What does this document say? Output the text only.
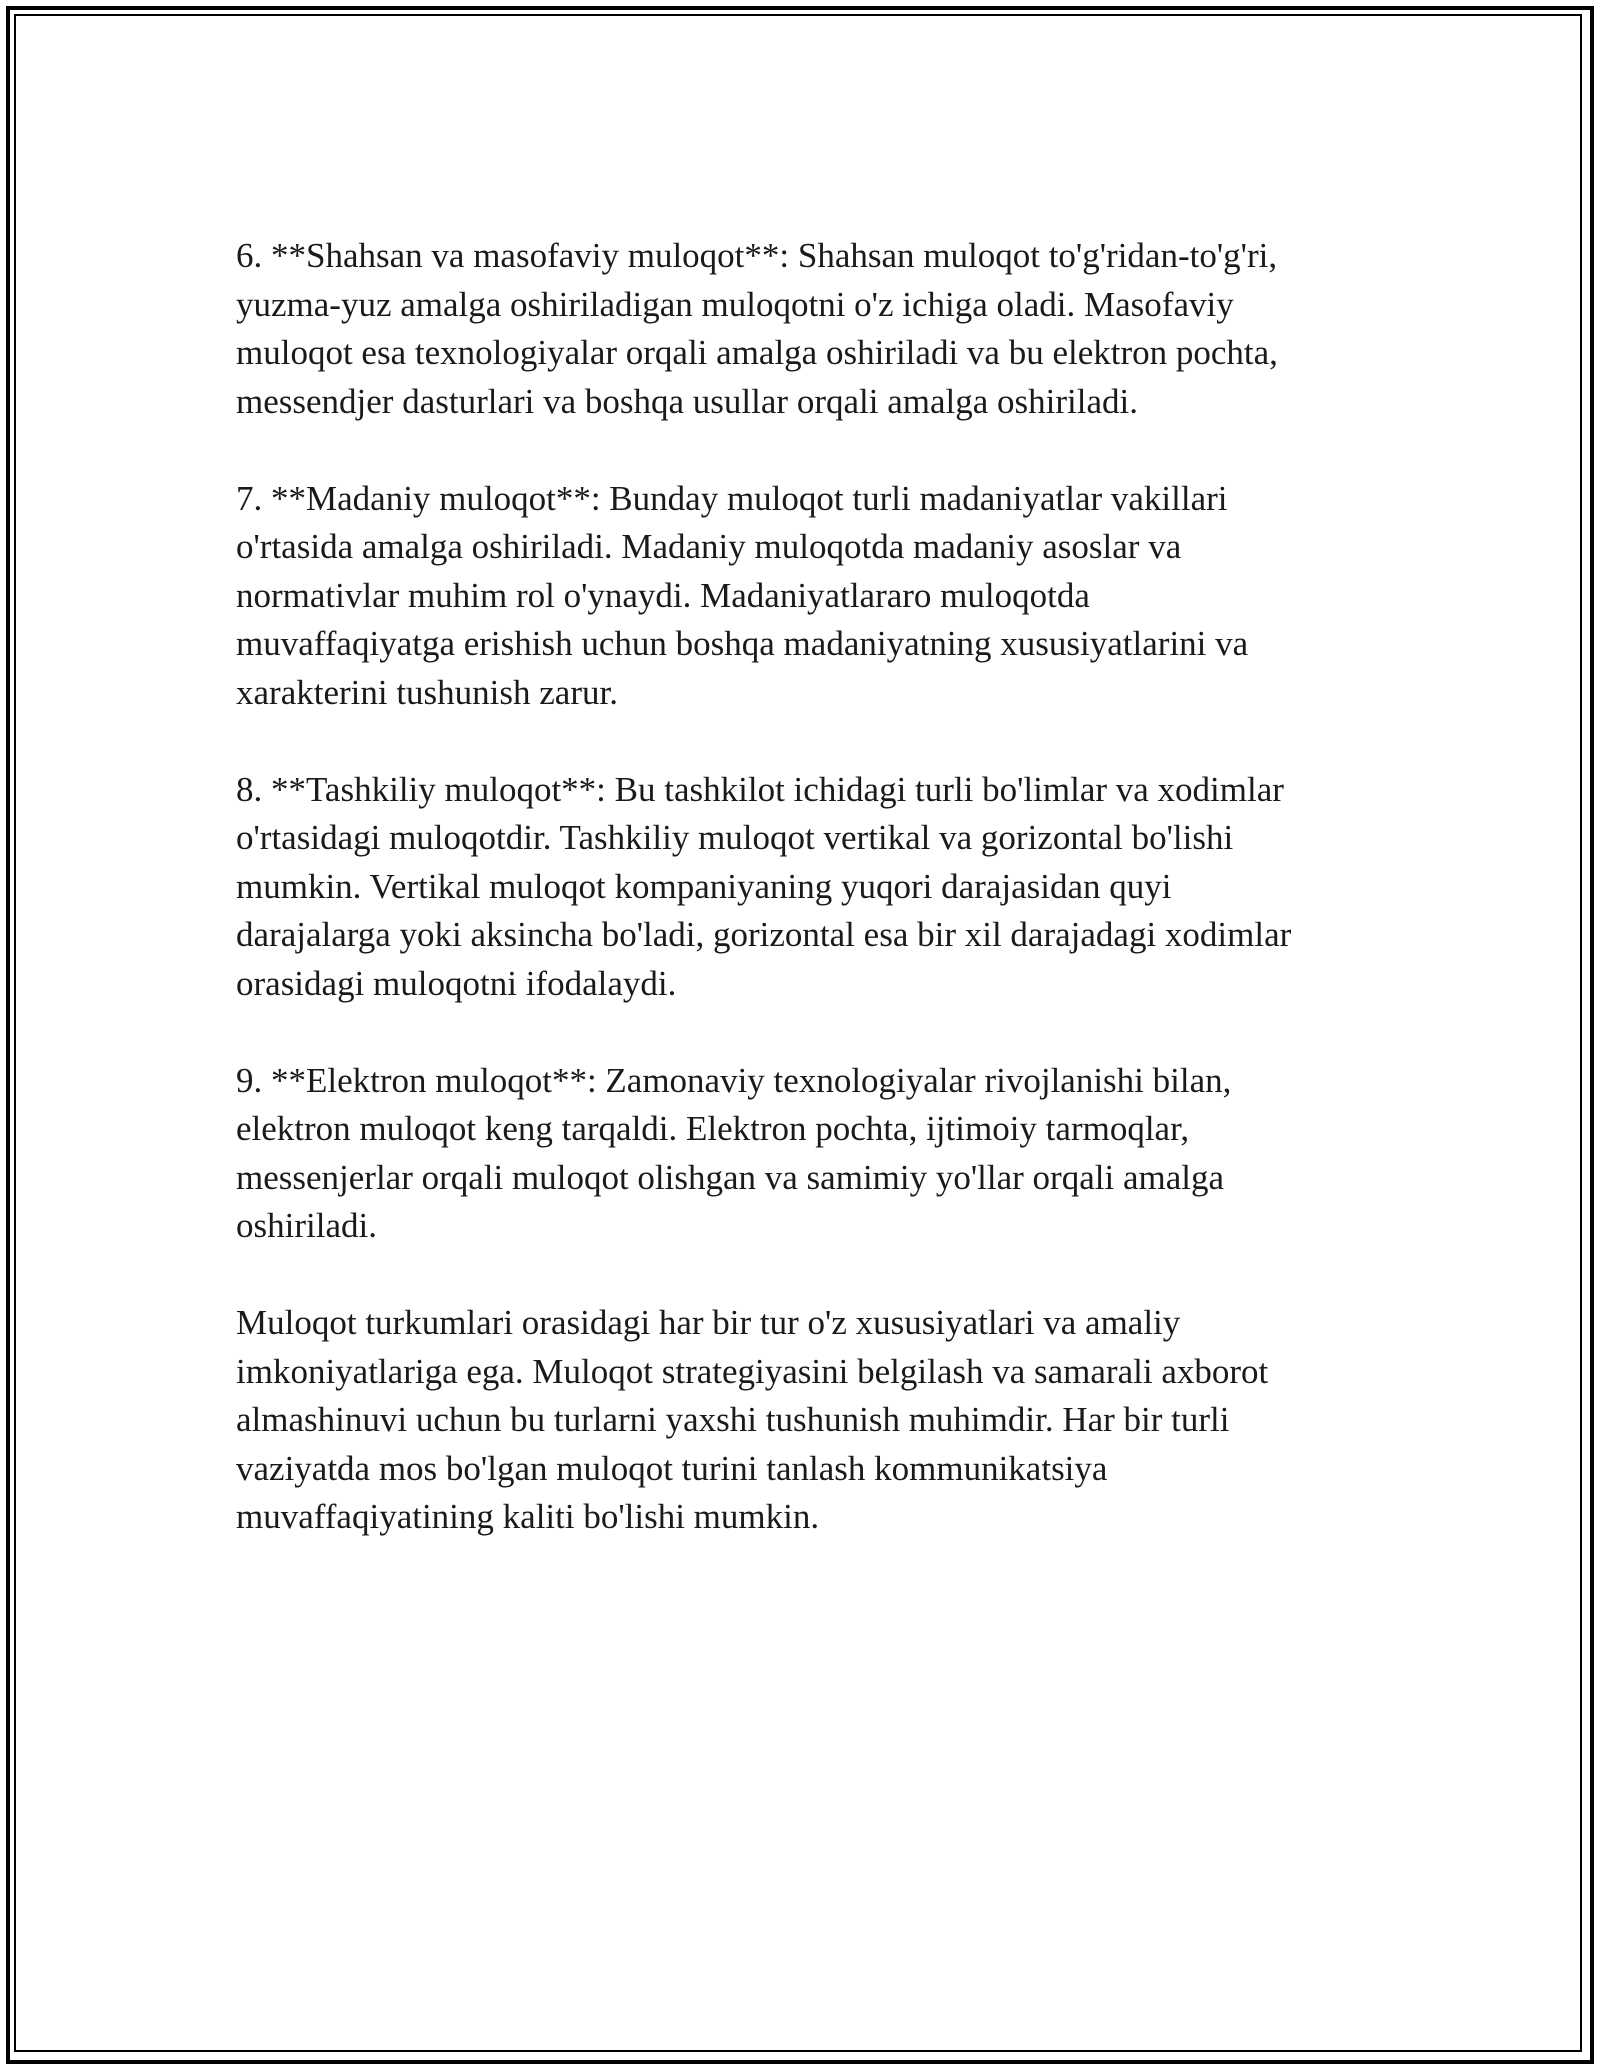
6. **Shahsan va masofaviy muloqot**: Shahsan muloqot to'g'ridan-to'g'ri,
yuzma-yuz amalga oshiriladigan muloqotni o'z ichiga oladi. Masofaviy
muloqot esa texnologiyalar orqali amalga oshiriladi va bu elektron pochta,
messendjer dasturlari va boshqa usullar orqali amalga oshiriladi.

7. **Madaniy muloqot**: Bunday muloqot turli madaniyatlar vakillari
o'rtasida amalga oshiriladi. Madaniy muloqotda madaniy asoslar va
normativlar muhim rol o'ynaydi. Madaniyatlararo muloqotda
muvaffaqiyatga erishish uchun boshqa madaniyatning xususiyatlarini va
xarakterini tushunish zarur.

8. **Tashkiliy muloqot**: Bu tashkilot ichidagi turli bo'limlar va xodimlar
o'rtasidagi muloqotdir. Tashkiliy muloqot vertikal va gorizontal bo'lishi
mumkin. Vertikal muloqot kompaniyaning yuqori darajasidan quyi
darajalarga yoki aksincha bo'ladi, gorizontal esa bir xil darajadagi xodimlar
orasidagi muloqotni ifodalaydi.

9. **Elektron muloqot**: Zamonaviy texnologiyalar rivojlanishi bilan,
elektron muloqot keng tarqaldi. Elektron pochta, ijtimoiy tarmoqlar,
messenjerlar orqali muloqot olishgan va samimiy yo'llar orqali amalga
oshiriladi.

Muloqot turkumlari orasidagi har bir tur o'z xususiyatlari va amaliy
imkoniyatlariga ega. Muloqot strategiyasini belgilash va samarali axborot
almashinuvi uchun bu turlarni yaxshi tushunish muhimdir. Har bir turli
vaziyatda mos bo'lgan muloqot turini tanlash kommunikatsiya
muvaffaqiyatining kaliti bo'lishi mumkin.
